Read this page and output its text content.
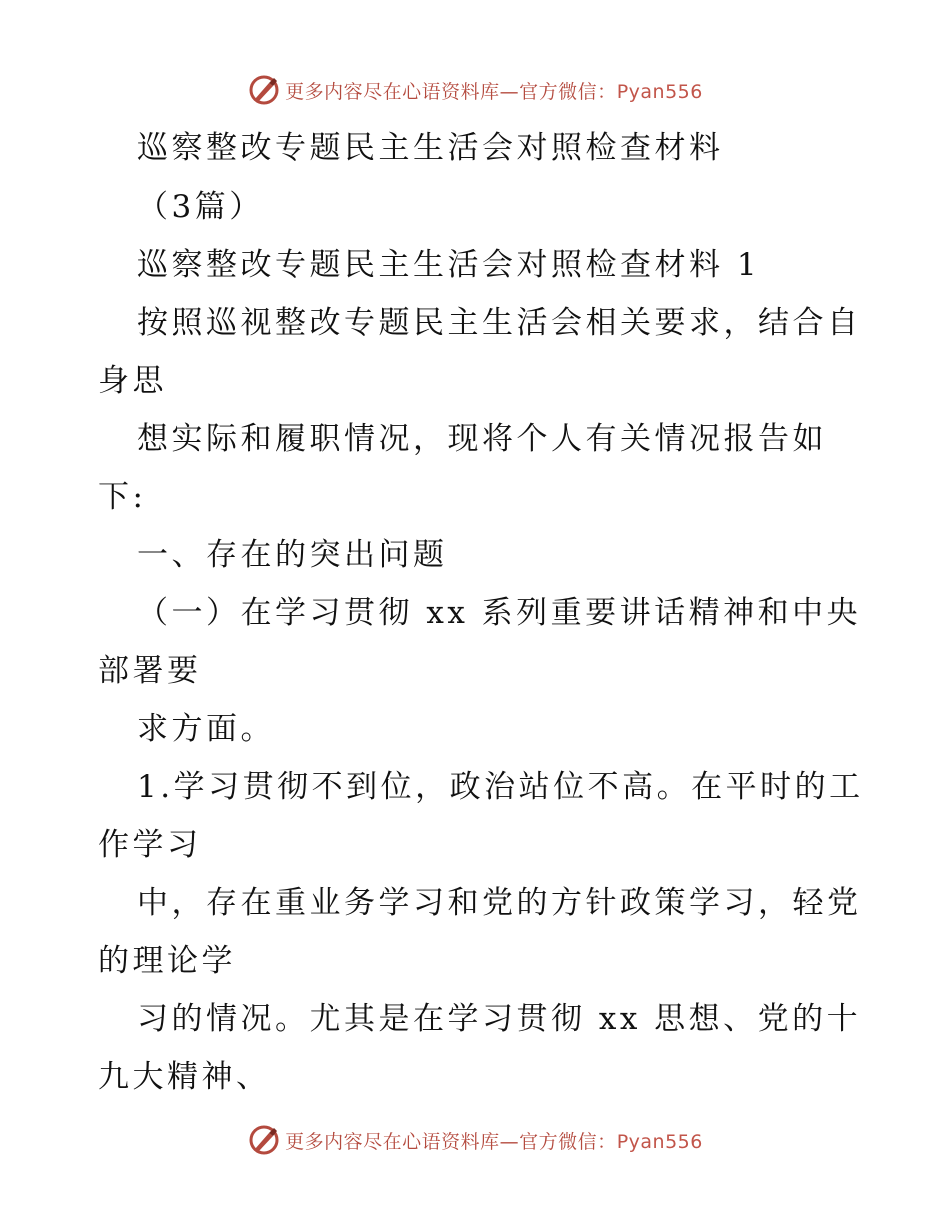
更多内容尽在心语资料库—官方微信：Pyan556
巡察整改专题民主生活会对照检查材料
（3篇）
巡察整改专题民主生活会对照检查材料 1
按照巡视整改专题民主生活会相关要求，结合自
身思
想实际和履职情况，现将个人有关情况报告如
下:
一、存在的突出问题
（一）在学习贯彻 xx 系列重要讲话精神和中央
部署要
求方面。
1.学习贯彻不到位，政治站位不高。在平时的工
作学习
中，存在重业务学习和党的方针政策学习，轻党
的理论学
习的情况。尤其是在学习贯彻 xx 思想、党的十
九大精神、
更多内容尽在心语资料库—官方微信：Pyan556
